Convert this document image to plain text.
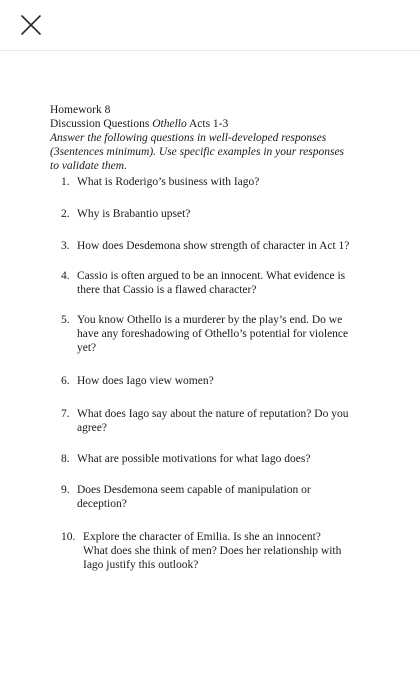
Homework 8
Discussion Questions Othello Acts 1-3
Answer the following questions in well-developed responses
(3sentences minimum). Use specific examples in your responses
to validate them.
1. What is Roderigo’s business with Iago?
2. Why is Brabantio upset?
3. How does Desdemona show strength of character in Act 1?
4. Cassio is often argued to be an innocent. What evidence is
there that Cassio is a flawed character?
5. You know Othello is a murderer by the play’s end. Do we
have any foreshadowing of Othello’s potential for violence
yet?
6. How does Iago view women?
7. What does Iago say about the nature of reputation? Do you
agree?
8. What are possible motivations for what Iago does?
9. Does Desdemona seem capable of manipulation or
deception?
10. Explore the character of Emilia. Is she an innocent?
What does she think of men? Does her relationship with
Iago justify this outlook?
